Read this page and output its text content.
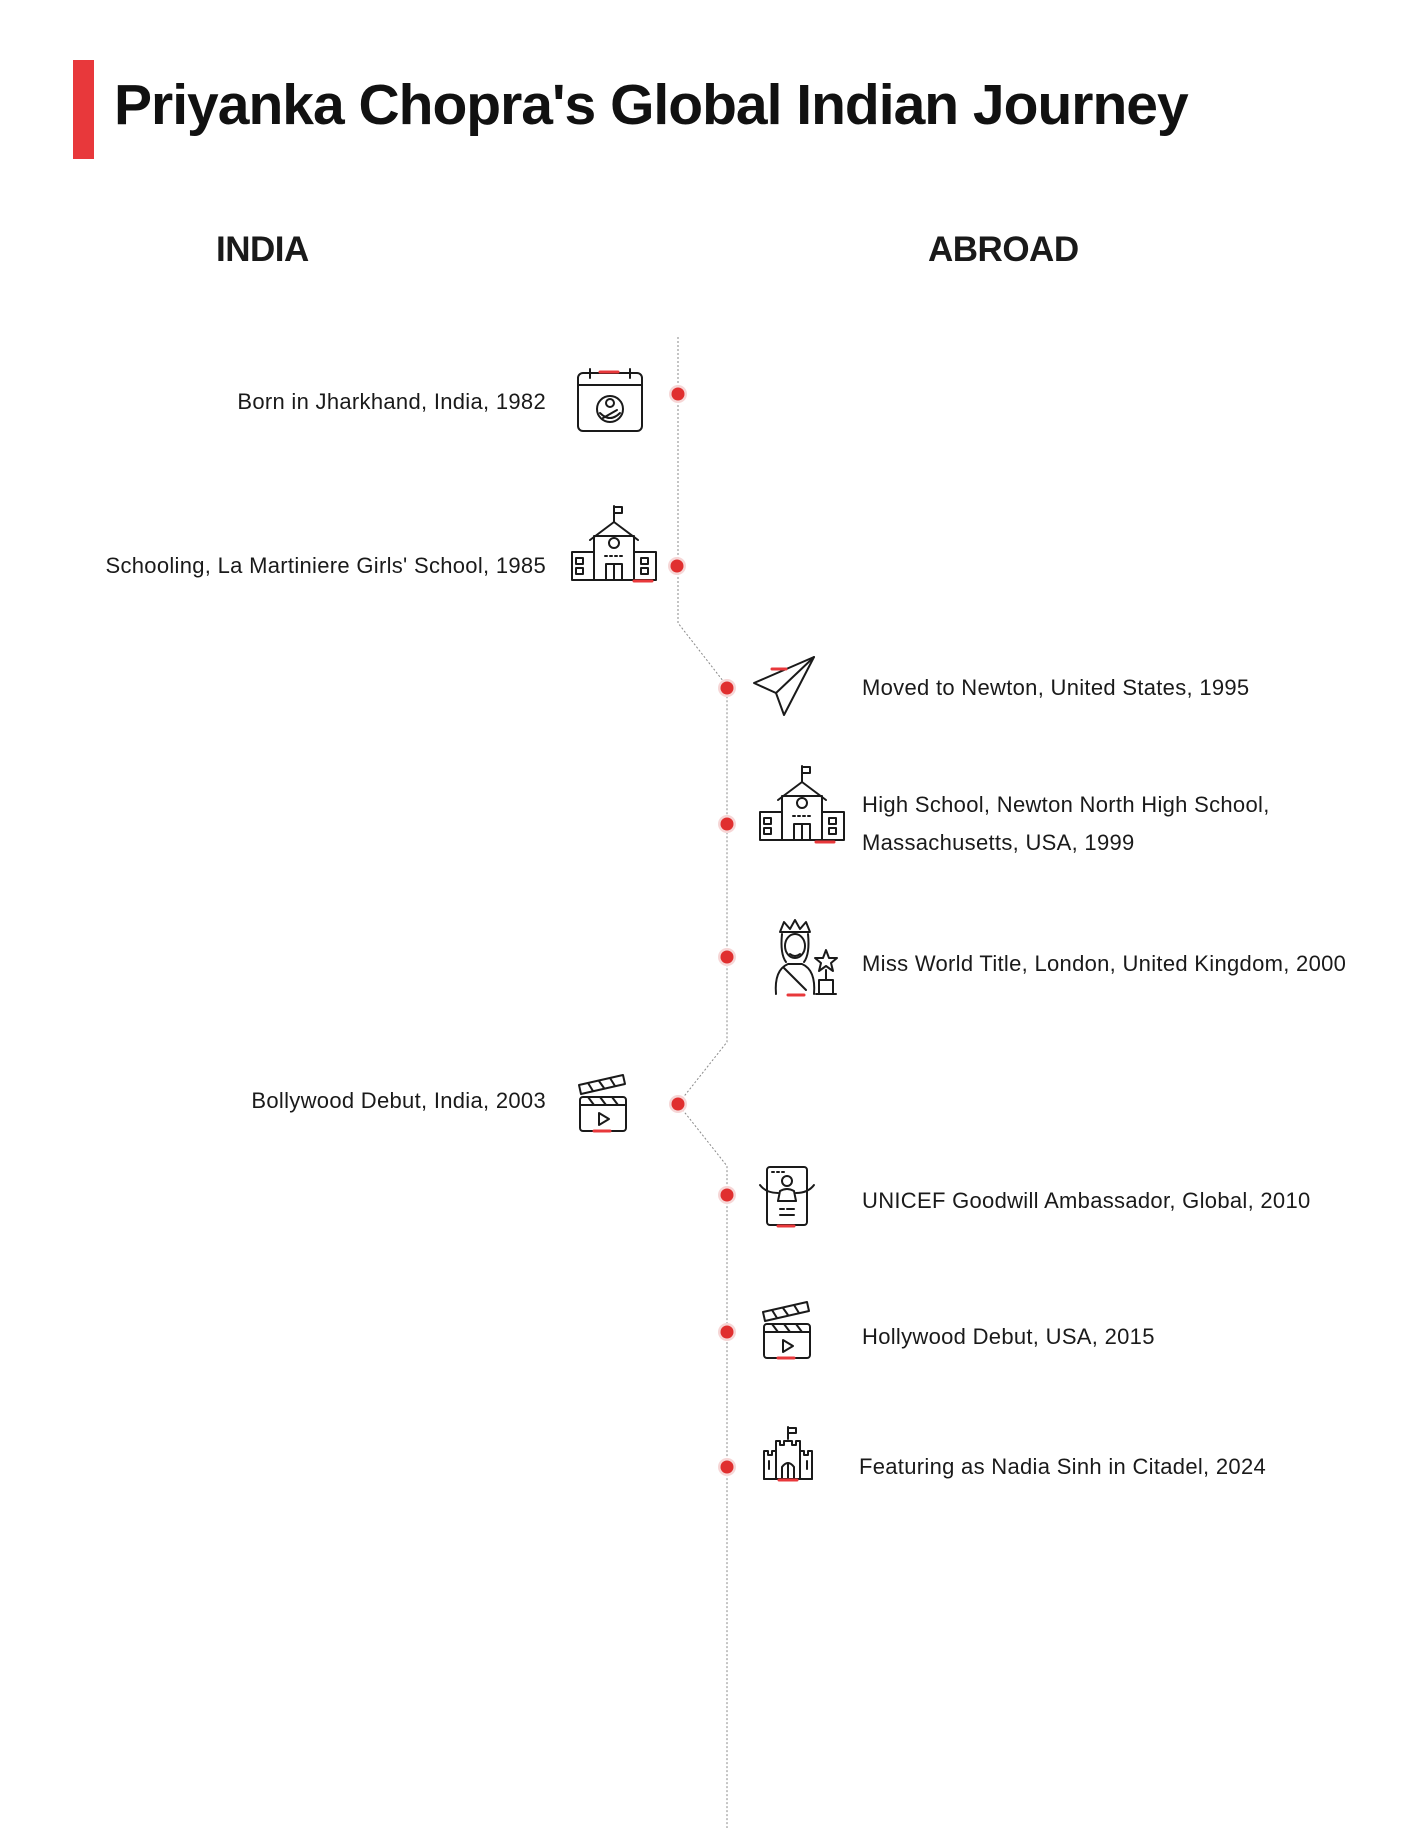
Priyanka Chopra's Global Indian Journey
INDIA	ABROAD
Born in Jharkhand, India, 1982
Schooling, La Martiniere Girls' School, 1985
Moved to Newton, United States, 1995
High School, Newton North High School, Massachusetts, USA, 1999
Miss World Title, London, United Kingdom, 2000
Bollywood Debut, India, 2003
UNICEF Goodwill Ambassador, Global, 2010
Hollywood Debut, USA, 2015
Featuring as Nadia Sinh in Citadel, 2024
